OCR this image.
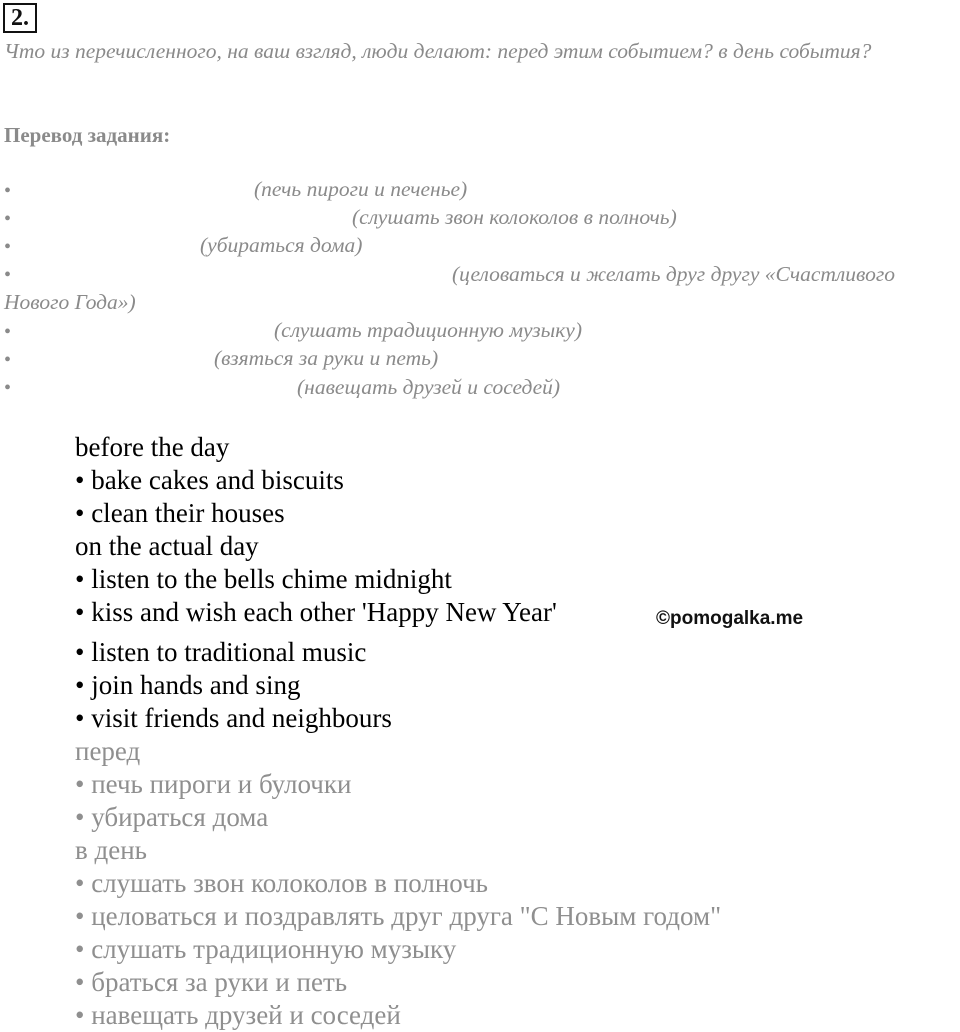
2.
Что из перечисленного, на ваш взгляд, люди делают: перед этим событием? в день события?
Перевод задания:
•
•
•
•
•
•
•
(печь пироги и печенье)
(слушать звон колоколов в полночь)
(убираться дома)
(целоваться и желать друг другу «Счастливого
Нового Года»)
(слушать традиционную музыку)
(взяться за руки и петь)
(навещать друзей и соседей)
before the day
• bake cakes and biscuits
• clean their houses
on the actual day
• listen to the bells chime midnight
• kiss and wish each other 'Happy New Year'
• listen to traditional music
• join hands and sing
• visit friends and neighbours
©pomogalka.me
перед
• печь пироги и булочки
• убираться дома
в день
• слушать звон колоколов в полночь
• целоваться и поздравлять друг друга "С Новым годом"
• слушать традиционную музыку
• браться за руки и петь
• навещать друзей и соседей
